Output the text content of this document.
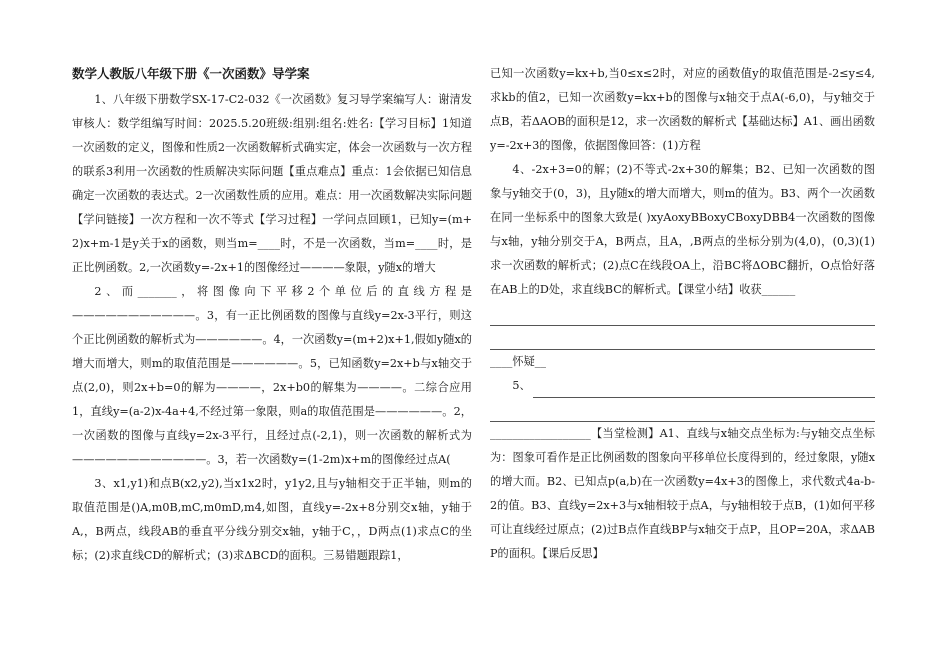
数学人教版八年级下册《一次函数》导学案

1、八年级下册数学SX-17-C2-032《一次函数》复习导学案编写人：谢清发审核人：数学组编写时间：2025.5.20班级:组别:组名:姓名:【学习目标】1知道一次函数的定义，图像和性质2一次函数解析式确实定，体会一次函数与一次方程的联系3利用一次函数的性质解决实际问题【重点难点】重点：1会依据已知信息确定一次函数的表达式。2一次函数性质的应用。难点：用一次函数解决实际问题【学问链接】一次方程和一次不等式【学习过程】一学问点回顾1，已知y=(m+2)x+m-1是y关于x的函数，则当m=____时，不是一次函数，当m=____时，是正比例函数。2,一次函数y=-2x+1的图像经过————象限，y随x的增大

2、而_______，将图像向下平移2个单位后的直线方程是———————————。3，有一正比例函数的图像与直线y=2x-3平行，则这个正比例函数的解析式为——————。4，一次函数y=(m+2)x+1,假如y随x的增大而增大，则m的取值范围是——————。5，已知函数y=2x+b与x轴交于点(2,0)，则2x+b=0的解为————，2x+b0的解集为————。二综合应用1，直线y=(a-2)x-4a+4,不经过第一象限，则a的取值范围是——————。2，一次函数的图像与直线y=2x-3平行，且经过点(-2,1)，则一次函数的解析式为————————————。3，若一次函数y=(1-2m)x+m的图像经过点A(

3、x1,y1)和点B(x2,y2),当x1x2时，y1y2,且与y轴相交于正半轴，则m的取值范围是()A,m0B,mC,m0mD,m4,如图，直线y=-2x+8分别交x轴，y轴于A,，B两点，线段AB的垂直平分线分别交x轴，y轴于C，，D两点(1)求点C的坐标；(2)求直线CD的解析式；(3)求ΔBCD的面积。三易错题跟踪1，

已知一次函数y=kx+b,当0≤x≤2时，对应的函数值y的取值范围是-2≤y≤4,求kb的值2，已知一次函数y=kx+b的图像与x轴交于点A(-6,0)，与y轴交于点B，若ΔAOB的面积是12，求一次函数的解析式【基础达标】A1、画出函数y=-2x+3的图像，依据图像回答：(1)方程

4、-2x+3=0的解；(2)不等式-2x+30的解集；B2、已知一次函数的图象与y轴交于(0，3)，且y随x的增大而增大，则m的值为。B3、两个一次函数在同一坐标系中的图象大致是( )xyAoxyBBoxyCBoxyDBB4一次函数的图像与x轴，y轴分别交于A，B两点，且A，,B两点的坐标分别为(4,0)，(0,3)(1)求一次函数的解析式；(2)点C在线段OA上，沿BC将ΔOBC翻折，O点恰好落在AB上的D处，求直线BC的解析式。【课堂小结】收获______

____怀疑__

5、

__________________【当堂检测】A1、直线与x轴交点坐标为:与y轴交点坐标为：图象可看作是正比例函数的图象向平移单位长度得到的，经过象限，y随x的增大而。B2、已知点p(a,b)在一次函数y=4x+3的图像上，求代数式4a-b-2的值。B3、直线y=2x+3与x轴相较于点A，与y轴相较于点B，(1)如何平移可让直线经过原点；(2)过B点作直线BP与x轴交于点P，且OP=20A，求ΔABP的面积。【课后反思】
